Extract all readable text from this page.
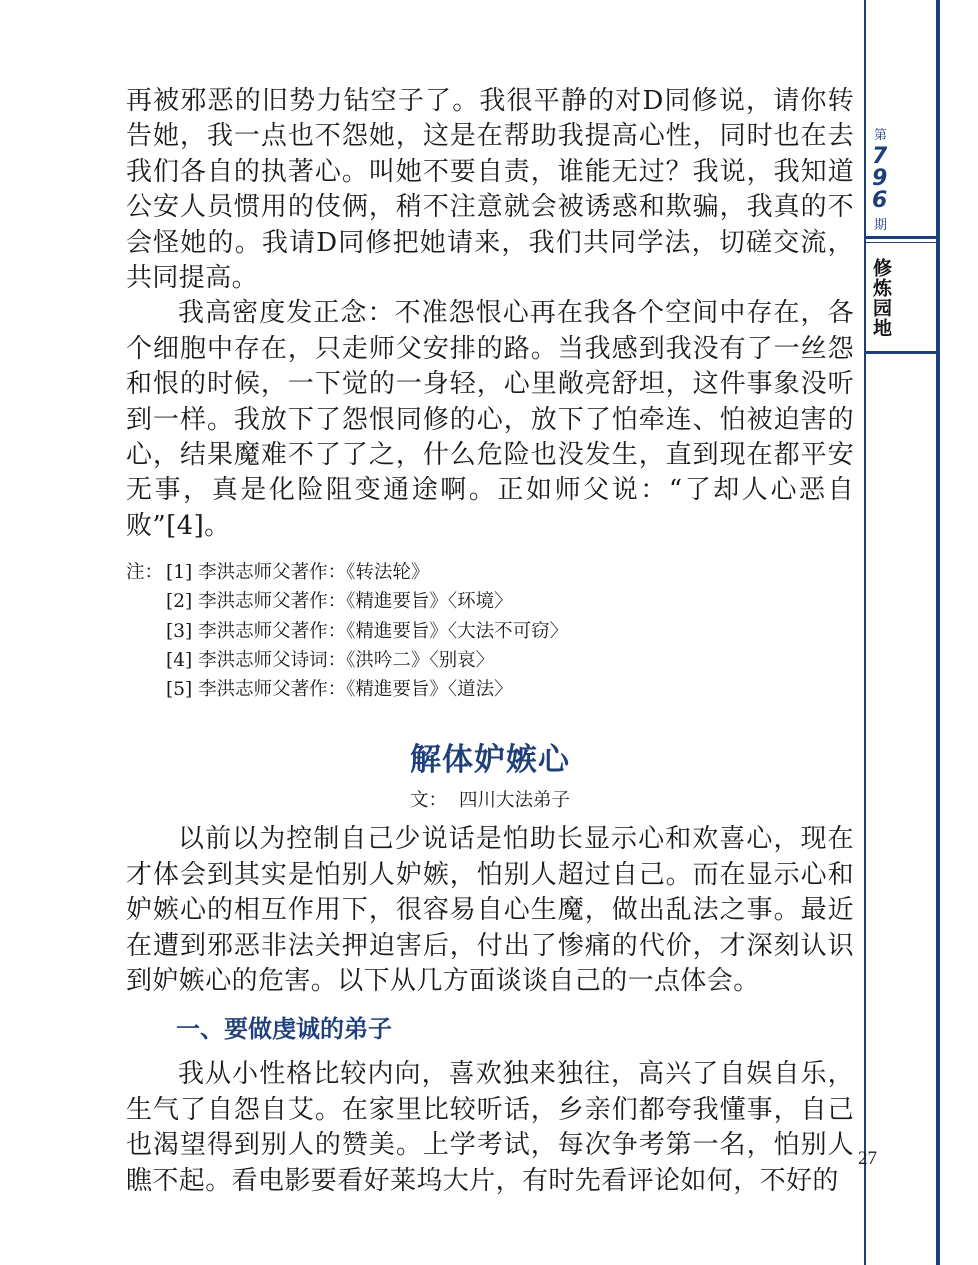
第
7
9
6
期
修炼园地
27

再被邪恶的旧势力钻空子了。我很平静的对D同修说，请你转告她，我一点也不怨她，这是在帮助我提高心性，同时也在去我们各自的执著心。叫她不要自责，谁能无过？我说，我知道公安人员惯用的伎俩，稍不注意就会被诱惑和欺骗，我真的不会怪她的。我请D同修把她请来，我们共同学法，切磋交流，共同提高。

我高密度发正念：不准怨恨心再在我各个空间中存在，各个细胞中存在，只走师父安排的路。当我感到我没有了一丝怨和恨的时候，一下觉的一身轻，心里敞亮舒坦，这件事象没听到一样。我放下了怨恨同修的心，放下了怕牵连、怕被迫害的心，结果魔难不了了之，什么危险也没发生，直到现在都平安无事，真是化险阻变通途啊。正如师父说：“了却人心恶自败”[4]。

注： [1] 李洪志师父著作：《转法轮》
[2] 李洪志师父著作：《精進要旨》〈环境〉
[3] 李洪志师父著作：《精進要旨》〈大法不可窃〉
[4] 李洪志师父诗词：《洪吟二》〈别哀〉
[5] 李洪志师父著作：《精進要旨》〈道法〉
解体妒嫉心
文： 四川大法弟子

以前以为控制自己少说话是怕助长显示心和欢喜心，现在才体会到其实是怕别人妒嫉，怕别人超过自己。而在显示心和妒嫉心的相互作用下，很容易自心生魔，做出乱法之事。最近在遭到邪恶非法关押迫害后，付出了惨痛的代价，才深刻认识到妒嫉心的危害。以下从几方面谈谈自己的一点体会。

一、要做虔诚的弟子

我从小性格比较内向，喜欢独来独往，高兴了自娱自乐，生气了自怨自艾。在家里比较听话，乡亲们都夸我懂事，自己也渴望得到别人的赞美。上学考试，每次争考第一名，怕别人瞧不起。看电影要看好莱坞大片，有时先看评论如何，不好的
